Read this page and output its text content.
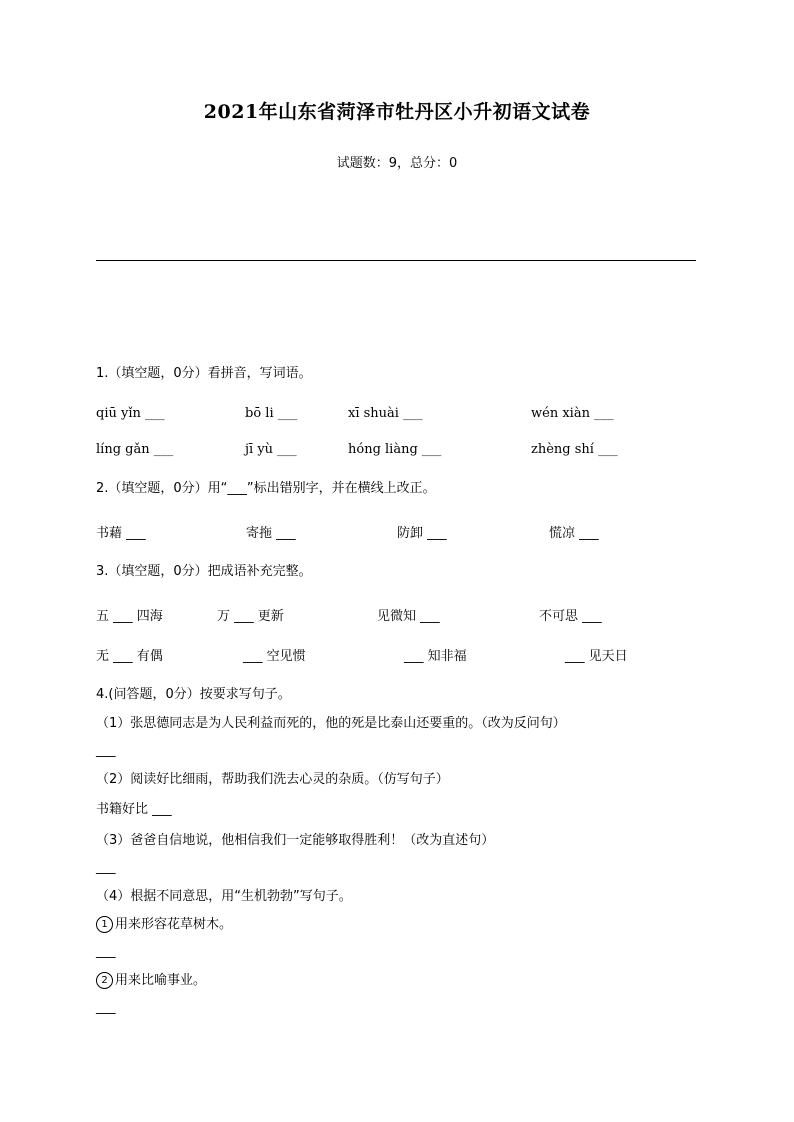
2021年山东省菏泽市牡丹区小升初语文试卷
试题数：9，总分：0
1.（填空题，0分）看拼音，写词语。
qiū yǐn ___	bō li ___	xī shuài ___	wén xiàn ___
líng gǎn ___	jī yù ___	hóng liàng ___	zhèng shí ___
2.（填空题，0分）用“___”标出错别字，并在横线上改正。
书藉 ___	寄拖 ___	防卸 ___	慌凉 ___
3.（填空题，0分）把成语补充完整。
五 ___ 四海	万 ___ 更新	见微知 ___	不可思 ___
无 ___ 有偶	___ 空见惯	___ 知非福	___ 见天日
4.(问答题，0分）按要求写句子。
（1）张思德同志是为人民利益而死的，他的死是比泰山还要重的。（改为反问句）
___
（2）阅读好比细雨，帮助我们洗去心灵的杂质。（仿写句子）
书籍好比 ___
（3）爸爸自信地说，他相信我们一定能够取得胜利！（改为直述句）
___
（4）根据不同意思，用“生机勃勃”写句子。
1 用来形容花草树木。
___
2 用来比喻事业。
___
